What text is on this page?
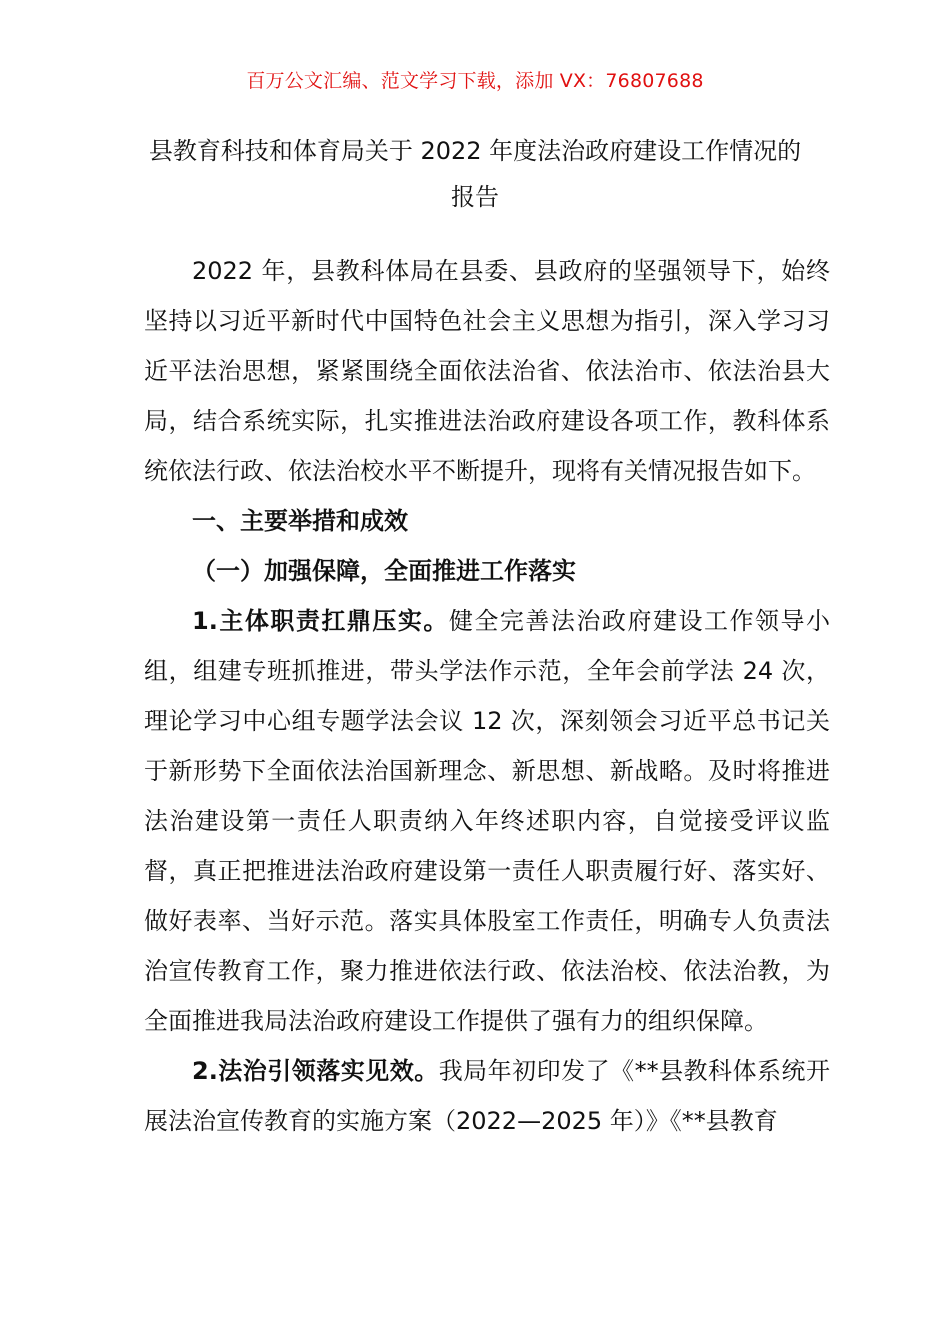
百万公文汇编、范文学习下载，添加 VX：76807688
县教育科技和体育局关于 2022 年度法治政府建设工作情况的
报告

2022 年，县教科体局在县委、县政府的坚强领导下，始终坚持以习近平新时代中国特色社会主义思想为指引，深入学习习近平法治思想，紧紧围绕全面依法治省、依法治市、依法治县大局，结合系统实际，扎实推进法治政府建设各项工作，教科体系统依法行政、依法治校水平不断提升，现将有关情况报告如下。

一、主要举措和成效

（一）加强保障，全面推进工作落实

1.主体职责扛鼎压实。健全完善法治政府建设工作领导小组，组建专班抓推进，带头学法作示范，全年会前学法 24 次，理论学习中心组专题学法会议 12 次，深刻领会习近平总书记关于新形势下全面依法治国新理念、新思想、新战略。及时将推进法治建设第一责任人职责纳入年终述职内容，自觉接受评议监督，真正把推进法治政府建设第一责任人职责履行好、落实好、做好表率、当好示范。落实具体股室工作责任，明确专人负责法治宣传教育工作，聚力推进依法行政、依法治校、依法治教，为全面推进我局法治政府建设工作提供了强有力的组织保障。

2.法治引领落实见效。我局年初印发了《**县教科体系统开展法治宣传教育的实施方案（2022—2025 年）》《**县教育
